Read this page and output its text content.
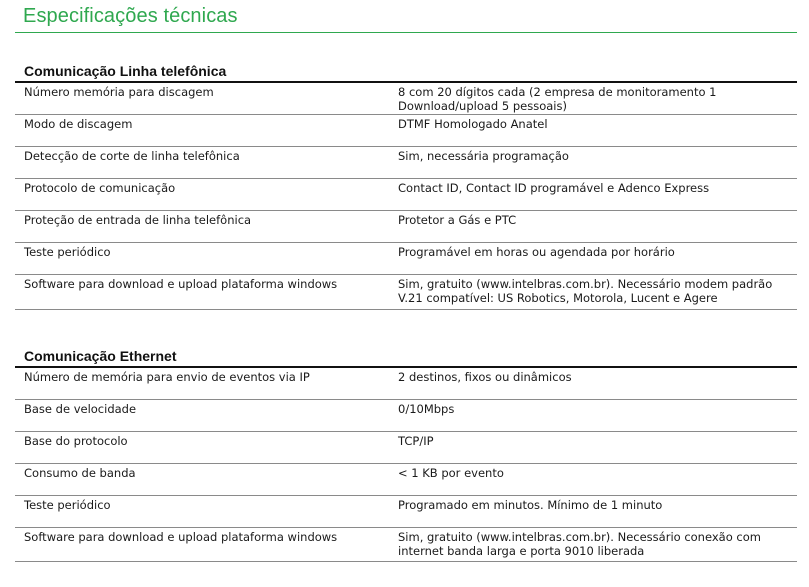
Especificações técnicas
Comunicação Linha telefônica
Número memória para discagem	8 com 20 dígitos cada (2 empresa de monitoramento 1 Download/upload 5 pessoais)
Modo de discagem	DTMF Homologado Anatel
Detecção de corte de linha telefônica	Sim, necessária programação
Protocolo de comunicação	Contact ID, Contact ID programável e Adenco Express
Proteção de entrada de linha telefônica	Protetor a Gás e PTC
Teste periódico	Programável em horas ou agendada por horário
Software para download e upload plataforma windows	Sim, gratuito (www.intelbras.com.br). Necessário modem padrão V.21 compatível: US Robotics, Motorola, Lucent e Agere
Comunicação Ethernet
Número de memória para envio de eventos via IP	2 destinos, fixos ou dinâmicos
Base de velocidade	0/10Mbps
Base do protocolo	TCP/IP
Consumo de banda	< 1 KB por evento
Teste periódico	Programado em minutos. Mínimo de 1 minuto
Software para download e upload plataforma windows	Sim, gratuito (www.intelbras.com.br). Necessário conexão com internet banda larga e porta 9010 liberada
